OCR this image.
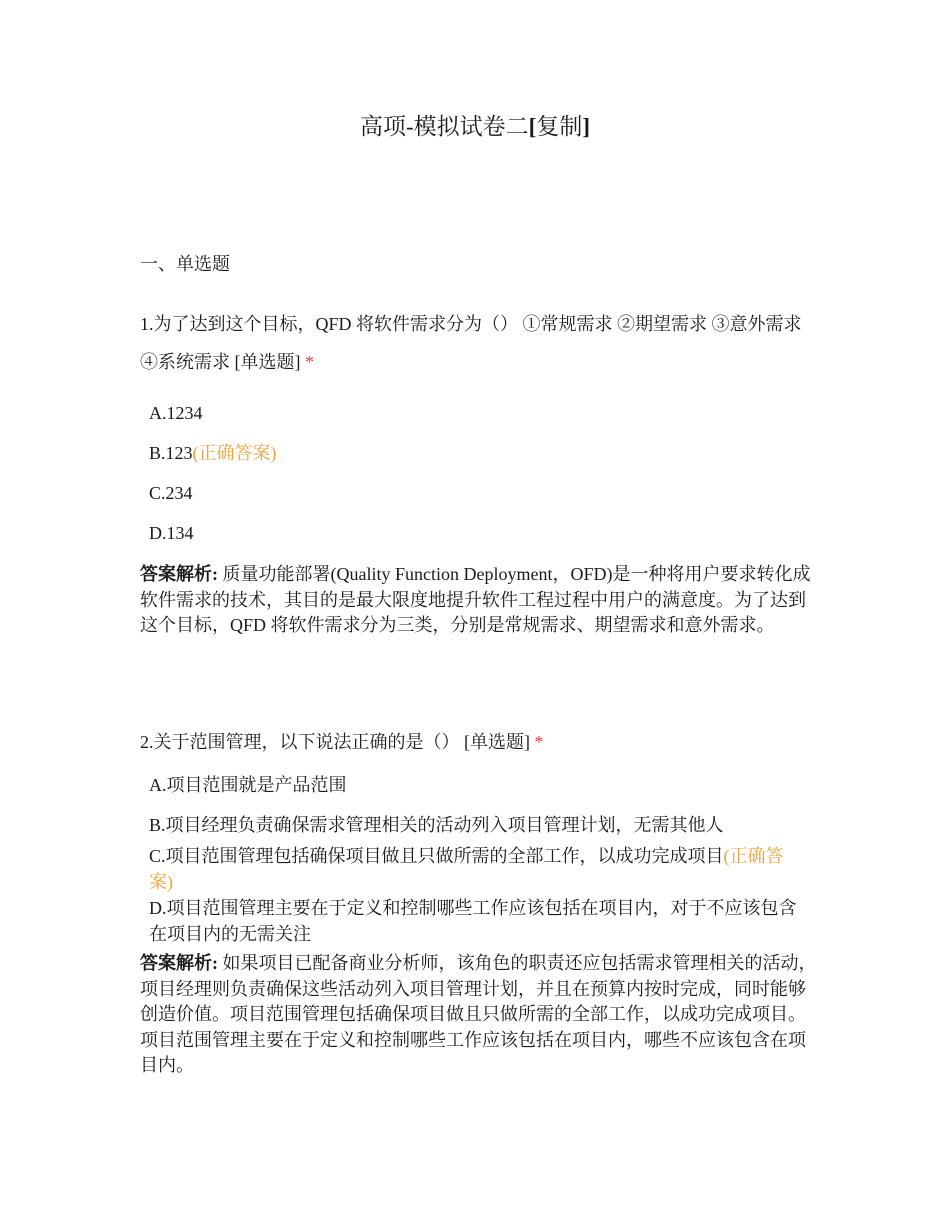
高项-模拟试卷二[复制]
一、单选题

1.为了达到这个目标，QFD 将软件需求分为（） ①常规需求 ②期望需求 ③意外需求 ④系统需求 [单选题] *

A.1234
B.123(正确答案)
C.234
D.134

答案解析: 质量功能部署(Quality Function Deployment，OFD)是一种将用户要求转化成软件需求的技术，其目的是最大限度地提升软件工程过程中用户的满意度。为了达到这个目标，QFD 将软件需求分为三类，分别是常规需求、期望需求和意外需求。

2.关于范围管理，以下说法正确的是（） [单选题] *

A.项目范围就是产品范围
B.项目经理负责确保需求管理相关的活动列入项目管理计划，无需其他人
C.项目范围管理包括确保项目做且只做所需的全部工作，以成功完成项目(正确答案)
D.项目范围管理主要在于定义和控制哪些工作应该包括在项目内，对于不应该包含在项目内的无需关注

答案解析: 如果项目已配备商业分析师，该角色的职责还应包括需求管理相关的活动，项目经理则负责确保这些活动列入项目管理计划，并且在预算内按时完成，同时能够创造价值。项目范围管理包括确保项目做且只做所需的全部工作，以成功完成项目。项目范围管理主要在于定义和控制哪些工作应该包括在项目内，哪些不应该包含在项目内。
